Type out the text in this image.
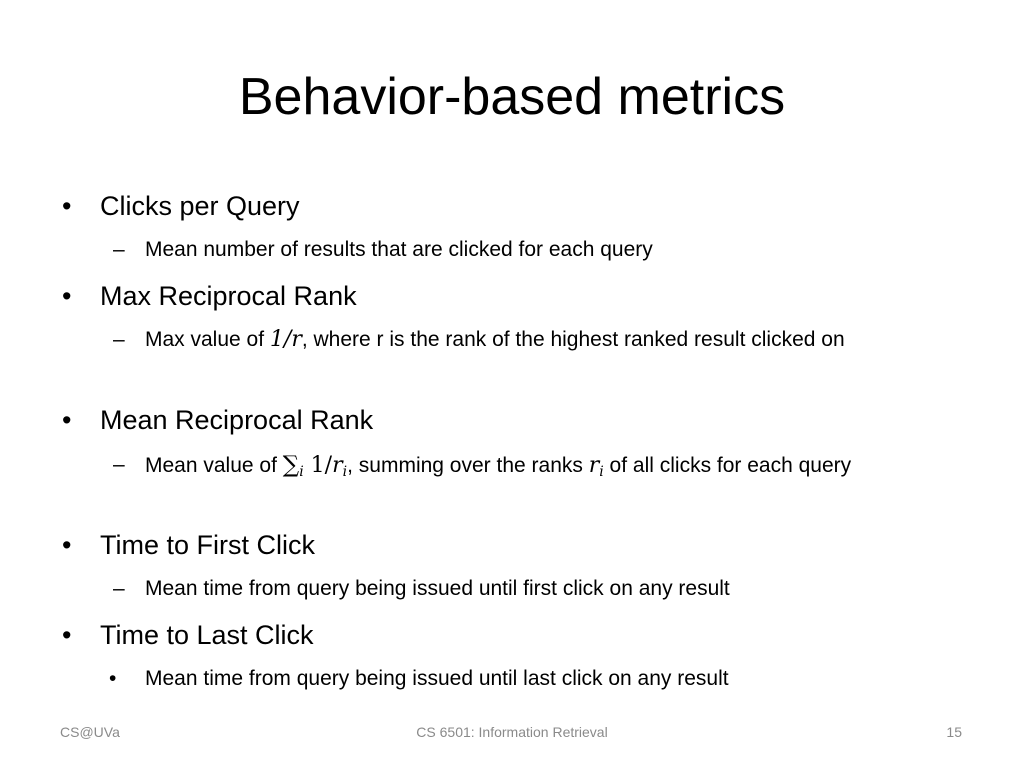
Behavior-based metrics
• Clicks per Query
– Mean number of results that are clicked for each query
• Max Reciprocal Rank
– Max value of 1/r, where r is the rank of the highest ranked result clicked on
• Mean Reciprocal Rank
– Mean value of $\sum_i$ $1/r_i$, summing over the ranks $r_i$ of all clicks for each query
• Time to First Click
– Mean time from query being issued until first click on any result
• Time to Last Click
• Mean time from query being issued until last click on any result
CS@UVa	CS 6501: Information Retrieval	15
